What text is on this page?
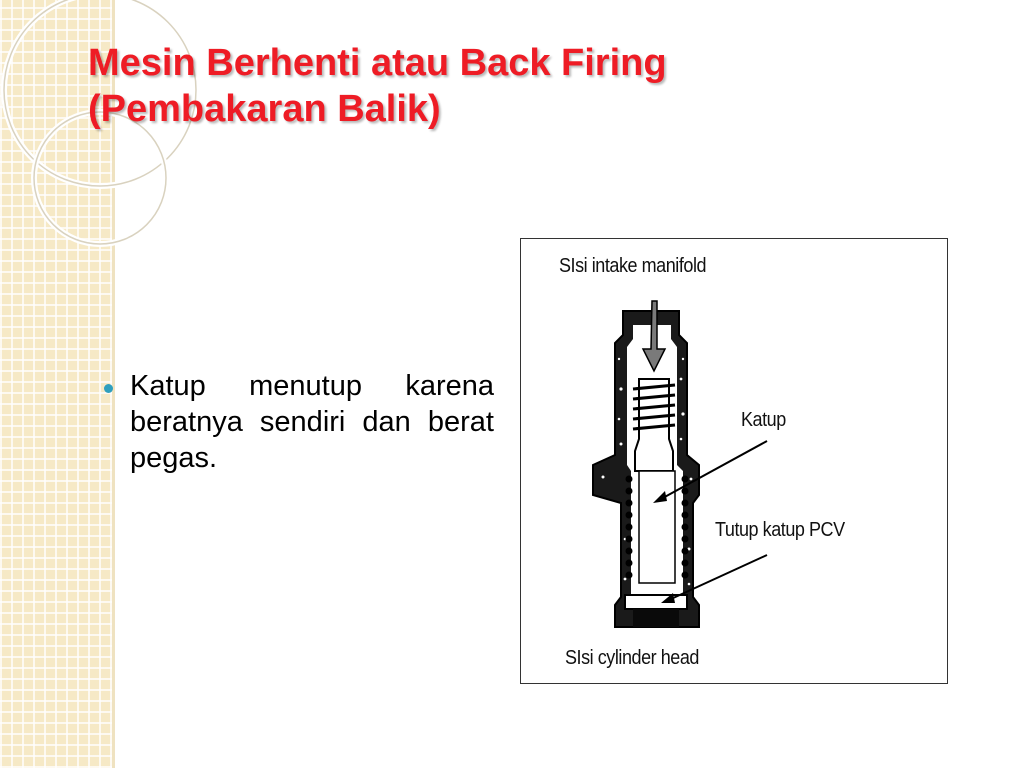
Mesin Berhenti atau Back Firing
(Pembakaran Balik)
Katup menutup karena beratnya sendiri dan berat pegas.
SIsi intake manifold
Katup
Tutup katup PCV
SIsi cylinder head
